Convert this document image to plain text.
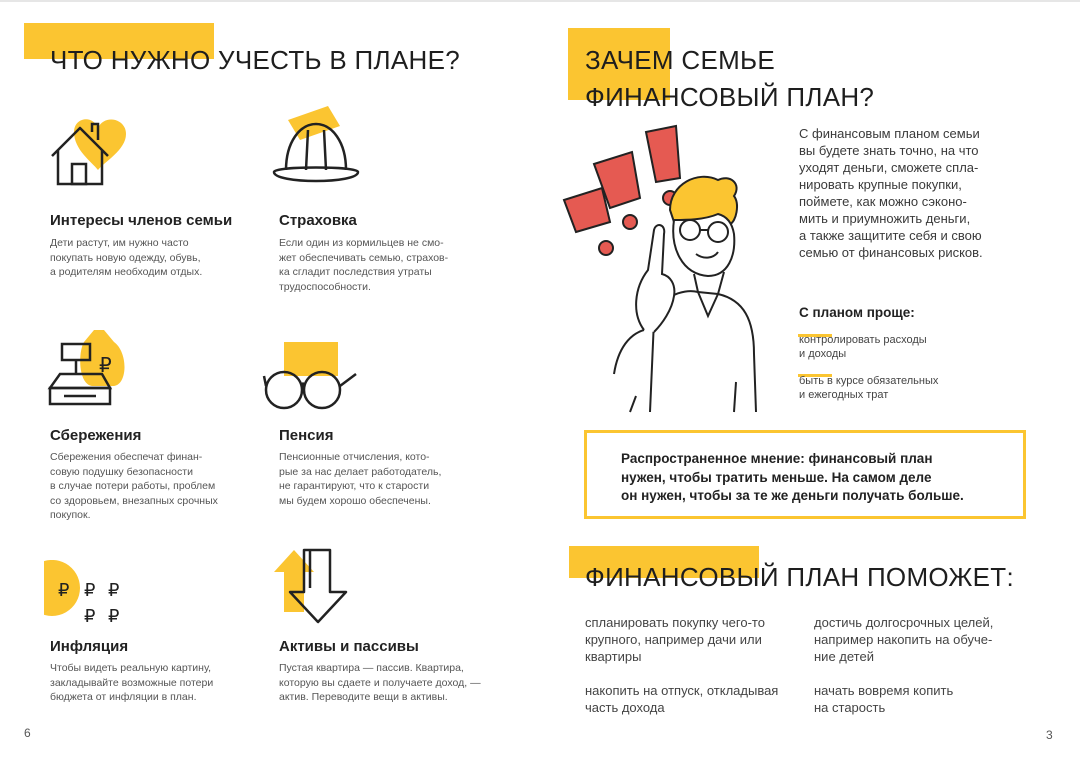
ЧТО НУЖНО УЧЕСТЬ В ПЛАНЕ?
Интересы членов семьи
Дети растут, им нужно часто
покупать новую одежду, обувь,
а родителям необходим отдых.
Страховка
Если один из кормильцев не смо-
жет обеспечивать семью, страхов-
ка сгладит последствия утраты
трудоспособности.
₽
Сбережения
Сбережения обеспечат финан-
совую подушку безопасности
в случае потери работы, проблем
со здоровьем, внезапных срочных
покупок.
Пенсия
Пенсионные отчисления, кото-
рые за нас делает работодатель,
не гарантируют, что к старости
мы будем хорошо обеспечены.
₽ ₽ ₽
₽ ₽
Инфляция
Чтобы видеть реальную картину,
закладывайте возможные потери
бюджета от инфляции в план.
Активы и пассивы
Пустая квартира — пассив. Квартира,
которую вы сдаете и получаете доход, —
актив. Переводите вещи в активы.
6
ЗАЧЕМ СЕМЬЕ
ФИНАНСОВЫЙ ПЛАН?
С финансовым планом семьи
вы будете знать точно, на что
уходят деньги, сможете спла-
нировать крупные покупки,
поймете, как можно сэконо-
мить и приумножить деньги,
а также защитите себя и свою
семью от финансовых рисков.
С планом проще:
контролировать расходы
и доходы
быть в курсе обязательных
и ежегодных трат
Распространенное мнение: финансовый план
нужен, чтобы тратить меньше. На самом деле
он нужен, чтобы за те же деньги получать больше.
ФИНАНСОВЫЙ ПЛАН ПОМОЖЕТ:
спланировать покупку чего-то
крупного, например дачи или
квартиры
достичь долгосрочных целей,
например накопить на обуче-
ние детей
накопить на отпуск, откладывая
часть дохода
начать вовремя копить
на старость
3
